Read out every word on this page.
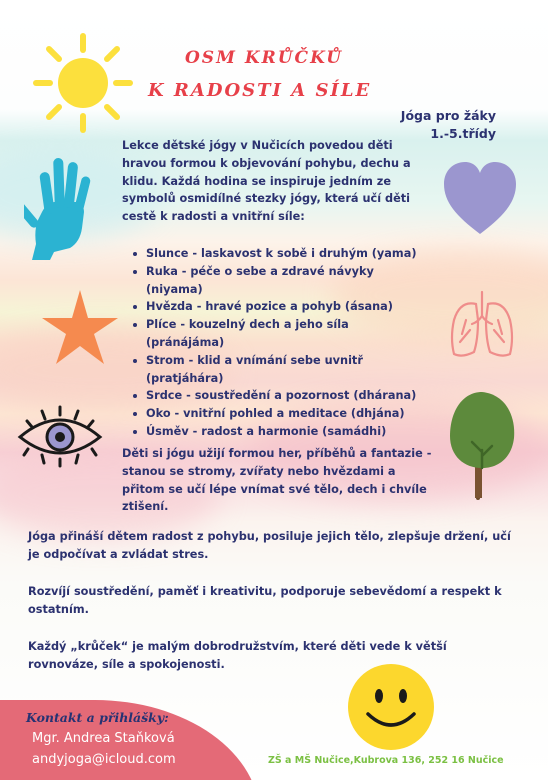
OSM KRŮČKŮ
K RADOSTI A SÍLE
Jóga pro žáky
1.-5.třídy
Lekce dětské jógy v Nučicích povedou děti hravou formou k objevování pohybu, dechu a klidu. Každá hodina se inspiruje jedním ze symbolů osmidílné stezky jógy, která učí děti cestě k radosti a vnitřní síle:
Slunce - laskavost k sobě i druhým (yama)
Ruka - péče o sebe a zdravé návyky (niyama)
Hvězda - hravé pozice a pohyb (ásana)
Plíce - kouzelný dech a jeho síla (pránájáma)
Strom - klid a vnímání sebe uvnitř (pratjáhára)
Srdce - soustředění a pozornost (dhárana)
Oko - vnitřní pohled a meditace (dhjána)
Úsměv - radost a harmonie (samádhi)
Děti si jógu užijí formou her, příběhů a fantazie - stanou se stromy, zvířaty nebo hvězdami a přitom se učí lépe vnímat své tělo, dech i chvíle ztišení.
Jóga přináší dětem radost z pohybu, posiluje jejich tělo, zlepšuje držení, učí je odpočívat a zvládat stres.
Rozvíjí soustředění, paměť i kreativitu, podporuje sebevědomí a respekt k ostatním.
Každý „krůček“ je malým dobrodružstvím, které děti vede k větší rovnováze, síle a spokojenosti.
Kontakt a přihlášky:
Mgr. Andrea Staňková
andyjoga@icloud.com	ZŠ a MŠ Nučice,Kubrova 136, 252 16 Nučice
